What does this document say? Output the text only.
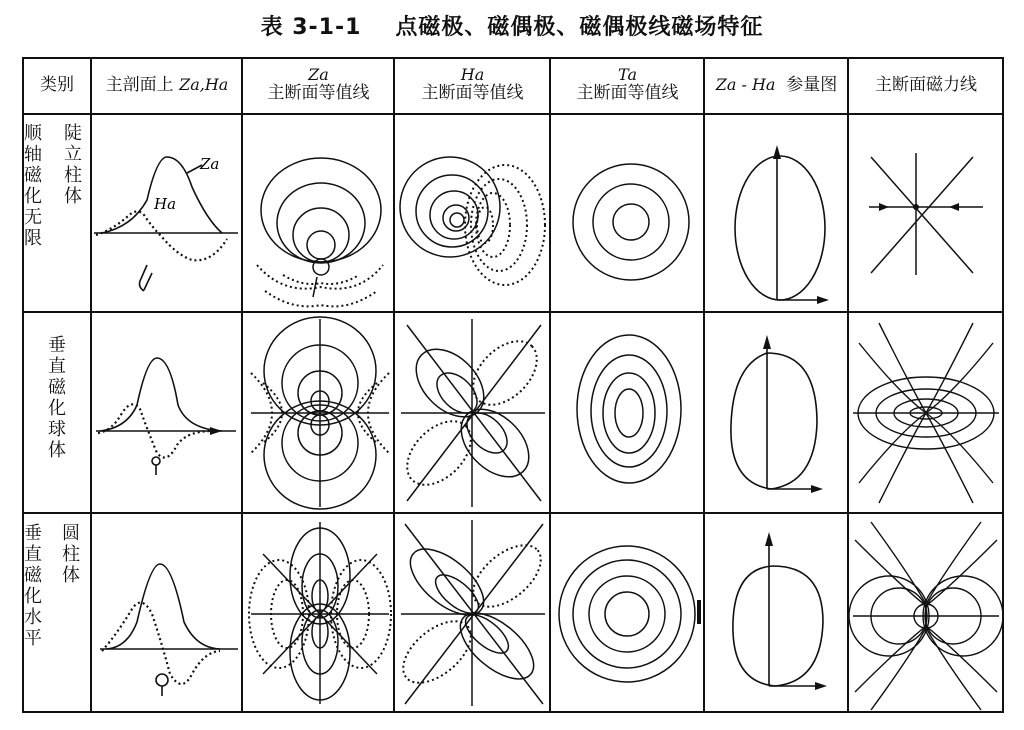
表 3-1-1 点磁极、磁偶极、磁偶极线磁场特征
类别 主剖面上
Za,Ha
Za
主断面等值线
Ha
主断面等值线
Ta
主断面等值线 Za - Ha
参量图 主断面磁力线
顺轴磁化无限
陡立柱体
垂直磁化球体
垂直磁化水平
圆柱体
Za
Ha
